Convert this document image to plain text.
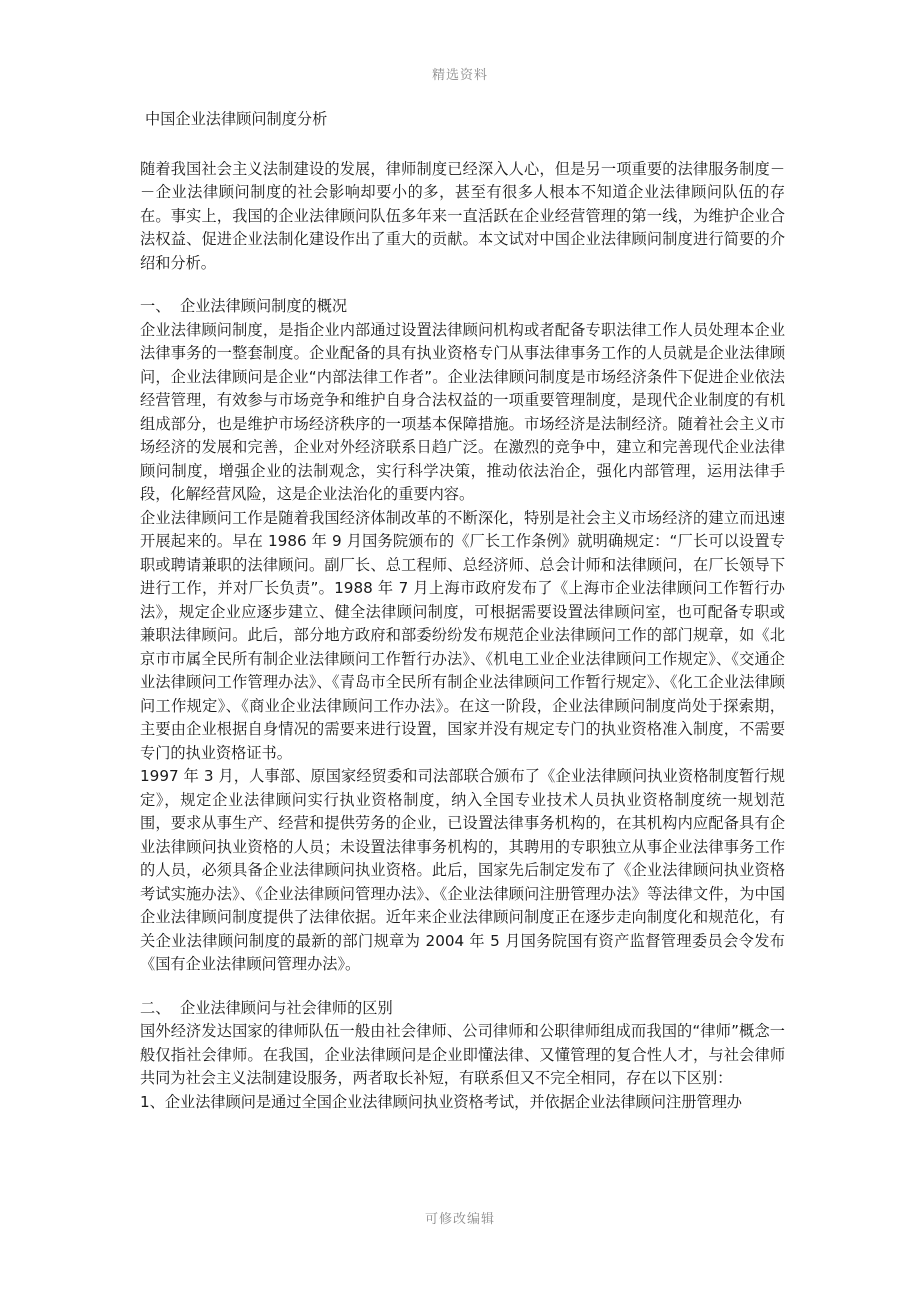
精选资料

中国企业法律顾问制度分析

随着我国社会主义法制建设的发展，律师制度已经深入人心，但是另一项重要的法律服务制度－－企业法律顾问制度的社会影响却要小的多，甚至有很多人根本不知道企业法律顾问队伍的存在。事实上，我国的企业法律顾问队伍多年来一直活跃在企业经营管理的第一线，为维护企业合法权益、促进企业法制化建设作出了重大的贡献。本文试对中国企业法律顾问制度进行简要的介绍和分析。

一、  企业法律顾问制度的概况

企业法律顾问制度，是指企业内部通过设置法律顾问机构或者配备专职法律工作人员处理本企业法律事务的一整套制度。企业配备的具有执业资格专门从事法律事务工作的人员就是企业法律顾问，企业法律顾问是企业“内部法律工作者”。企业法律顾问制度是市场经济条件下促进企业依法经营管理，有效参与市场竞争和维护自身合法权益的一项重要管理制度，是现代企业制度的有机组成部分，也是维护市场经济秩序的一项基本保障措施。市场经济是法制经济。随着社会主义市场经济的发展和完善，企业对外经济联系日趋广泛。在激烈的竞争中，建立和完善现代企业法律顾问制度，增强企业的法制观念，实行科学决策，推动依法治企，强化内部管理，运用法律手段，化解经营风险，这是企业法治化的重要内容。

企业法律顾问工作是随着我国经济体制改革的不断深化，特别是社会主义市场经济的建立而迅速开展起来的。早在 1986 年 9 月国务院颁布的《厂长工作条例》就明确规定：“厂长可以设置专职或聘请兼职的法律顾问。副厂长、总工程师、总经济师、总会计师和法律顾问，在厂长领导下进行工作，并对厂长负责”。1988 年 7 月上海市政府发布了《上海市企业法律顾问工作暂行办法》，规定企业应逐步建立、健全法律顾问制度，可根据需要设置法律顾问室，也可配备专职或兼职法律顾问。此后，部分地方政府和部委纷纷发布规范企业法律顾问工作的部门规章，如《北京市市属全民所有制企业法律顾问工作暂行办法》、《机电工业企业法律顾问工作规定》、《交通企业法律顾问工作管理办法》、《青岛市全民所有制企业法律顾问工作暂行规定》、《化工企业法律顾问工作规定》、《商业企业法律顾问工作办法》。在这一阶段，企业法律顾问制度尚处于探索期，主要由企业根据自身情况的需要来进行设置，国家并没有规定专门的执业资格准入制度，不需要专门的执业资格证书。

1997 年 3 月，人事部、原国家经贸委和司法部联合颁布了《企业法律顾问执业资格制度暂行规定》，规定企业法律顾问实行执业资格制度，纳入全国专业技术人员执业资格制度统一规划范围，要求从事生产、经营和提供劳务的企业，已设置法律事务机构的，在其机构内应配备具有企业法律顾问执业资格的人员；未设置法律事务机构的，其聘用的专职独立从事企业法律事务工作的人员，必须具备企业法律顾问执业资格。此后，国家先后制定发布了《企业法律顾问执业资格考试实施办法》、《企业法律顾问管理办法》、《企业法律顾问注册管理办法》等法律文件，为中国企业法律顾问制度提供了法律依据。近年来企业法律顾问制度正在逐步走向制度化和规范化，有关企业法律顾问制度的最新的部门规章为 2004 年 5 月国务院国有资产监督管理委员会令发布《国有企业法律顾问管理办法》。

二、  企业法律顾问与社会律师的区别

国外经济发达国家的律师队伍一般由社会律师、公司律师和公职律师组成而我国的“律师”概念一般仅指社会律师。在我国，企业法律顾问是企业即懂法律、又懂管理的复合性人才，与社会律师共同为社会主义法制建设服务，两者取长补短，有联系但又不完全相同，存在以下区别：

1、企业法律顾问是通过全国企业法律顾问执业资格考试，并依据企业法律顾问注册管理办

可修改编辑
